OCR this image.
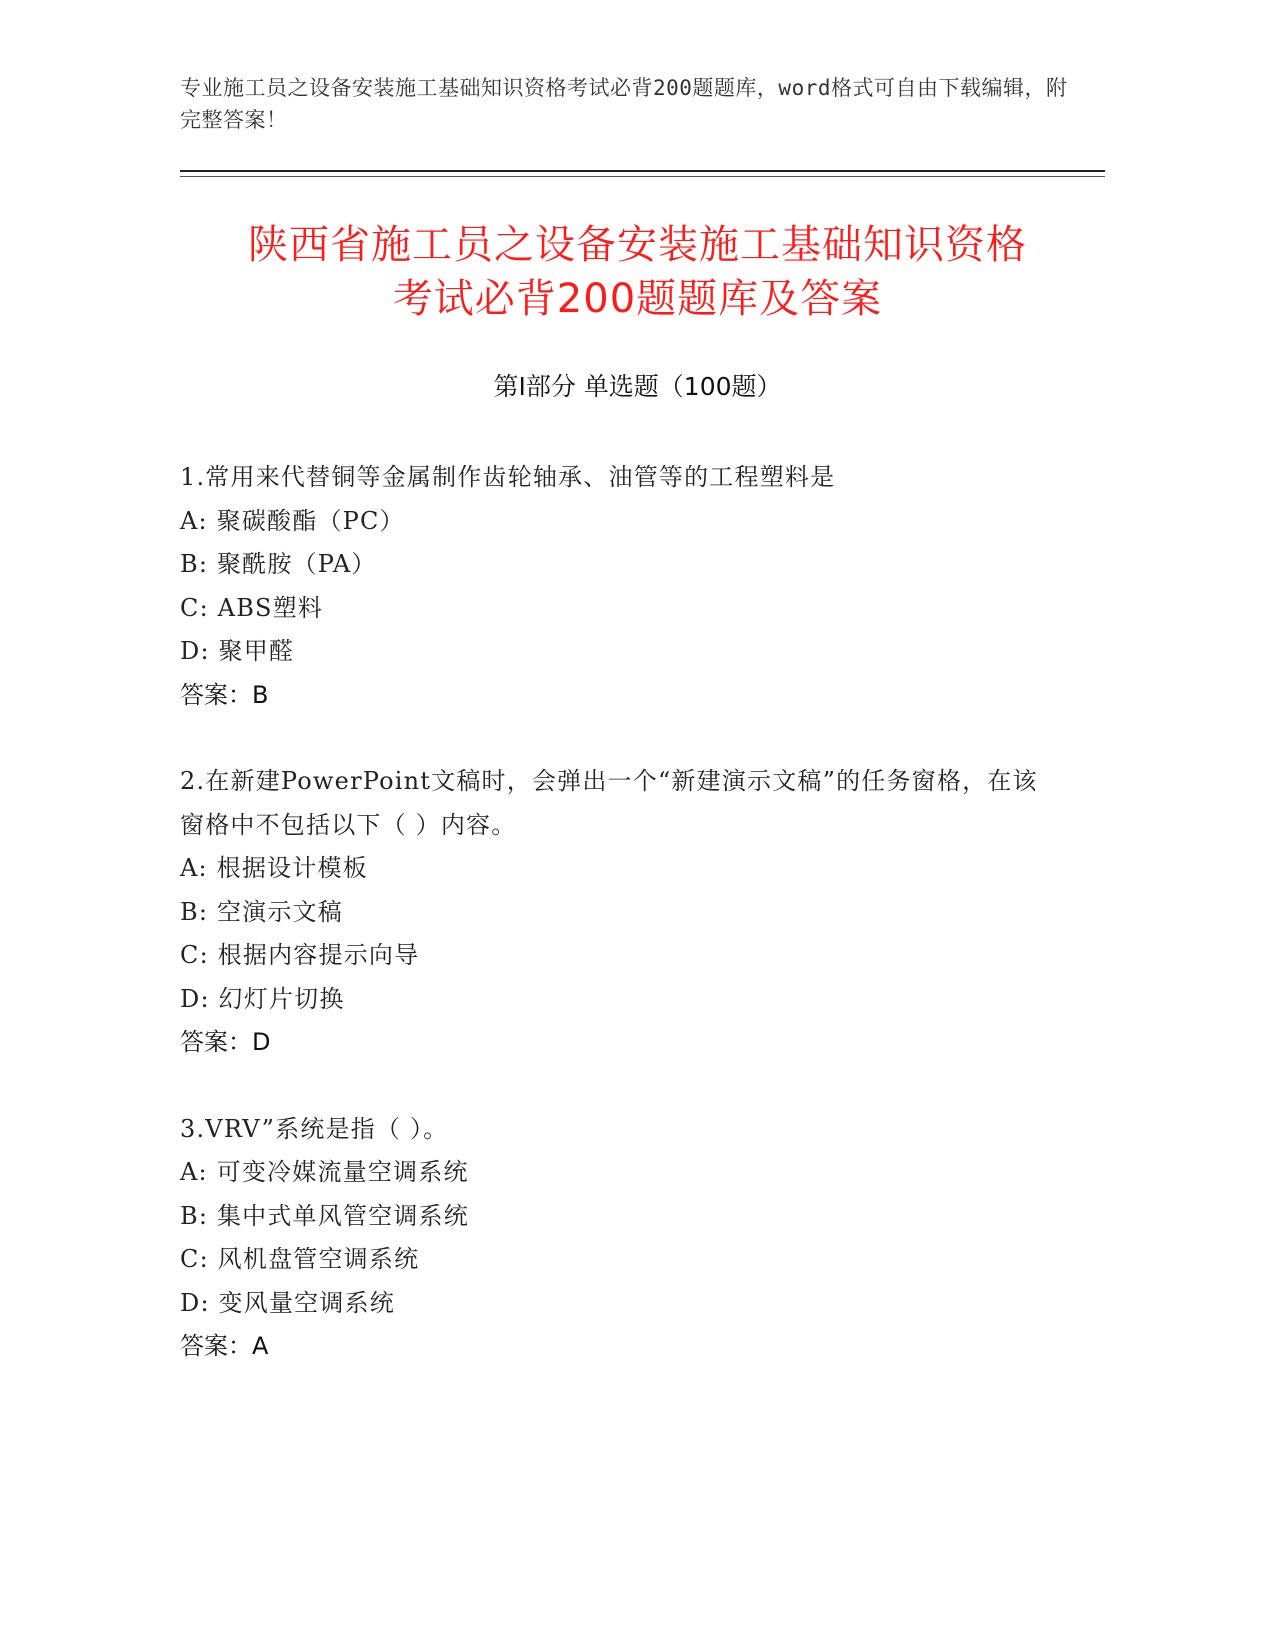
专业施工员之设备安装施工基础知识资格考试必背200题题库，word格式可自由下载编辑，附完整答案！
陕西省施工员之设备安装施工基础知识资格
考试必背200题题库及答案
第Ⅰ部分 单选题（100题）
1.常用来代替铜等金属制作齿轮轴承、油管等的工程塑料是
A: 聚碳酸酯（PC）
B: 聚酰胺（PA）
C: ABS塑料
D: 聚甲醛
答案：B
2.在新建PowerPoint文稿时，会弹出一个“新建演示文稿”的任务窗格，在该窗格中不包括以下（ ）内容。
A: 根据设计模板
B: 空演示文稿
C: 根据内容提示向导
D: 幻灯片切换
答案：D
3.VRV”系统是指（ ）。
A: 可变冷媒流量空调系统
B: 集中式单风管空调系统
C: 风机盘管空调系统
D: 变风量空调系统
答案：A
